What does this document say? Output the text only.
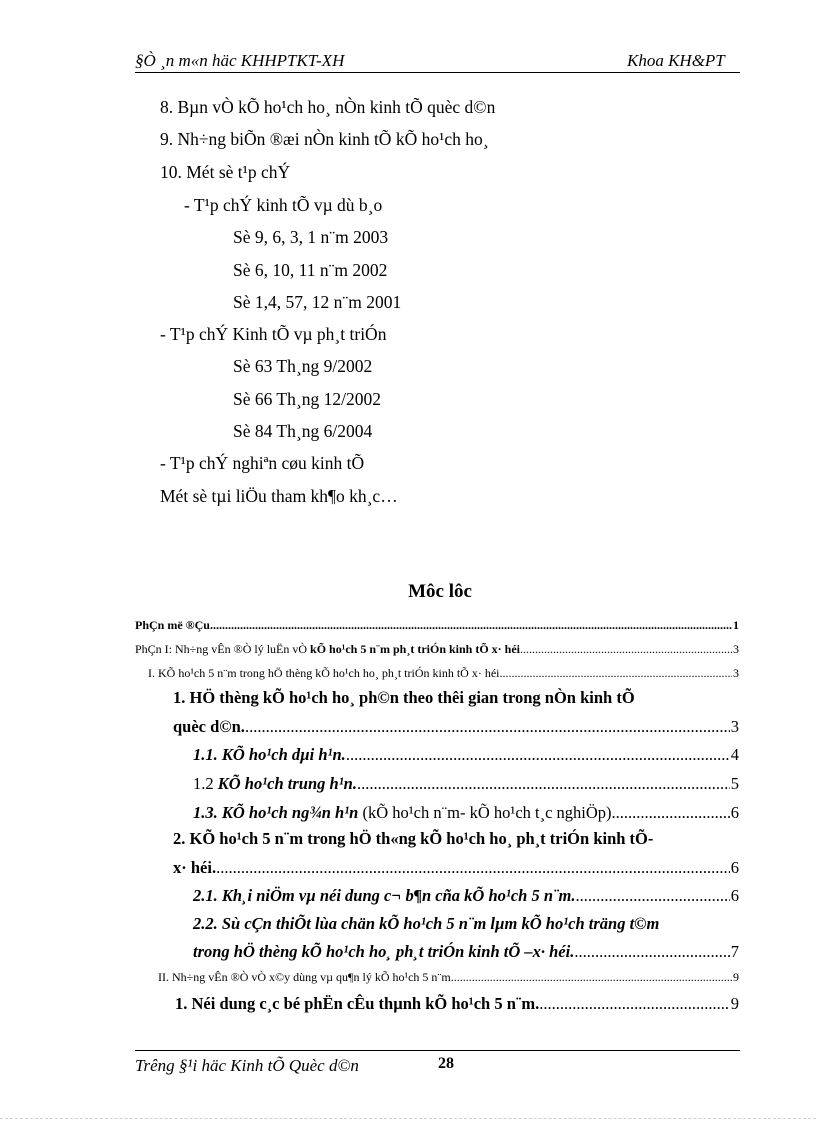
§Ò ¸n m«n häc KHHPTKT-XH	Khoa KH&PT
8. Bµn vÒ kÕ ho¹ch ho¸ nÒn kinh tÕ quèc d©n
9. Nh÷ng biÕn ®æi nÒn kinh tÕ kÕ ho¹ch ho¸
10. Mét sè t¹p chÝ
- T¹p chÝ kinh tÕ vµ dù b¸o
Sè 9, 6, 3, 1 n¨m 2003
Sè 6, 10, 11 n¨m 2002
Sè 1,4, 57, 12 n¨m 2001
- T¹p chÝ Kinh tÕ vµ ph¸t triÓn
Sè 63 Th¸ng 9/2002
Sè 66 Th¸ng 12/2002
Sè 84 Th¸ng 6/2004
- T¹p chÝ nghiªn cøu kinh tÕ
Mét sè tµi liÖu tham kh¶o kh¸c…
Môc lôc
PhÇn më ®Çu .....	1
PhÇn I: Nh÷ng vÊn ®Ò lý luËn vÒ kÕ ho¹ch 5 n¨m ph¸t triÓn kinh tÕ x· héi .....	3
I. KÕ ho¹ch 5 n¨m trong hÖ thèng kÕ ho¹ch ho¸ ph¸t triÓn kinh tÕ x· héi. .....	3
1. HÖ thèng kÕ ho¹ch ho¸ ph©n theo thêi gian trong nÒn kinh tÕ
quèc d©n. .....	3
1.1. KÕ ho¹ch dµi h¹n. .....	4
1.2 KÕ ho¹ch trung h¹n. .....	5
1.3. KÕ ho¹ch ng¾n h¹n (kÕ ho¹ch n¨m- kÕ ho¹ch t¸c nghiÖp). .....	6
2. KÕ ho¹ch 5 n¨m trong hÖ th«ng kÕ ho¹ch ho¸ ph¸t triÓn kinh tÕ-
x· héi. .....	6
2.1. Kh¸i niÖm vµ néi dung c¬ b¶n cña kÕ ho¹ch 5 n¨m. .....	6
2.2. Sù cÇn thiÕt lùa chän kÕ ho¹ch 5 n¨m lµm kÕ ho¹ch träng t©m
trong hÖ thèng kÕ ho¹ch ho¸ ph¸t triÓn kinh tÕ –x· héi. .....	7
II. Nh÷ng vÊn ®Ò vÒ x©y dùng vµ qu¶n lý kÕ ho¹ch 5 n¨m .....	9
1. Néi dung c¸c bé phËn cÊu thµnh kÕ ho¹ch 5 n¨m. .....	9
Trêng §¹i häc Kinh tÕ Quèc d©n	28
